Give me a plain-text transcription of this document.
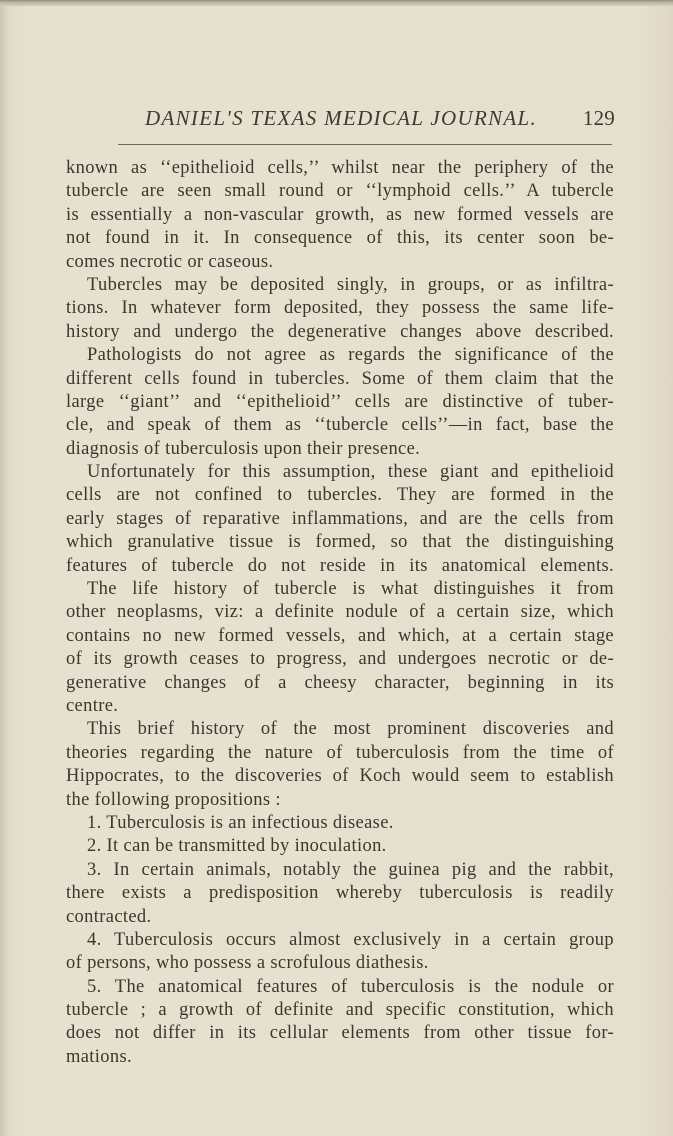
DANIEL'S TEXAS MEDICAL JOURNAL. 129
known as ‘‘epithelioid cells,’’ whilst near the periphery of the
tubercle are seen small round or ‘‘lymphoid cells.’’ A tubercle
is essentially a non-vascular growth, as new formed vessels are
not found in it. In consequence of this, its center soon be-
comes necrotic or caseous.
Tubercles may be deposited singly, in groups, or as infiltra-
tions. In whatever form deposited, they possess the same life-
history and undergo the degenerative changes above described.
Pathologists do not agree as regards the significance of the
different cells found in tubercles. Some of them claim that the
large ‘‘giant’’ and ‘‘epithelioid’’ cells are distinctive of tuber-
cle, and speak of them as ‘‘tubercle cells’’—in fact, base the
diagnosis of tuberculosis upon their presence.
Unfortunately for this assumption, these giant and epithelioid
cells are not confined to tubercles. They are formed in the
early stages of reparative inflammations, and are the cells from
which granulative tissue is formed, so that the distinguishing
features of tubercle do not reside in its anatomical elements.
The life history of tubercle is what distinguishes it from
other neoplasms, viz: a definite nodule of a certain size, which
contains no new formed vessels, and which, at a certain stage
of its growth ceases to progress, and undergoes necrotic or de-
generative changes of a cheesy character, beginning in its
centre.
This brief history of the most prominent discoveries and
theories regarding the nature of tuberculosis from the time of
Hippocrates, to the discoveries of Koch would seem to establish
the following propositions :
1. Tuberculosis is an infectious disease.
2. It can be transmitted by inoculation.
3. In certain animals, notably the guinea pig and the rabbit,
there exists a predisposition whereby tuberculosis is readily
contracted.
4. Tuberculosis occurs almost exclusively in a certain group
of persons, who possess a scrofulous diathesis.
5. The anatomical features of tuberculosis is the nodule or
tubercle ; a growth of definite and specific constitution, which
does not differ in its cellular elements from other tissue for-
mations.
